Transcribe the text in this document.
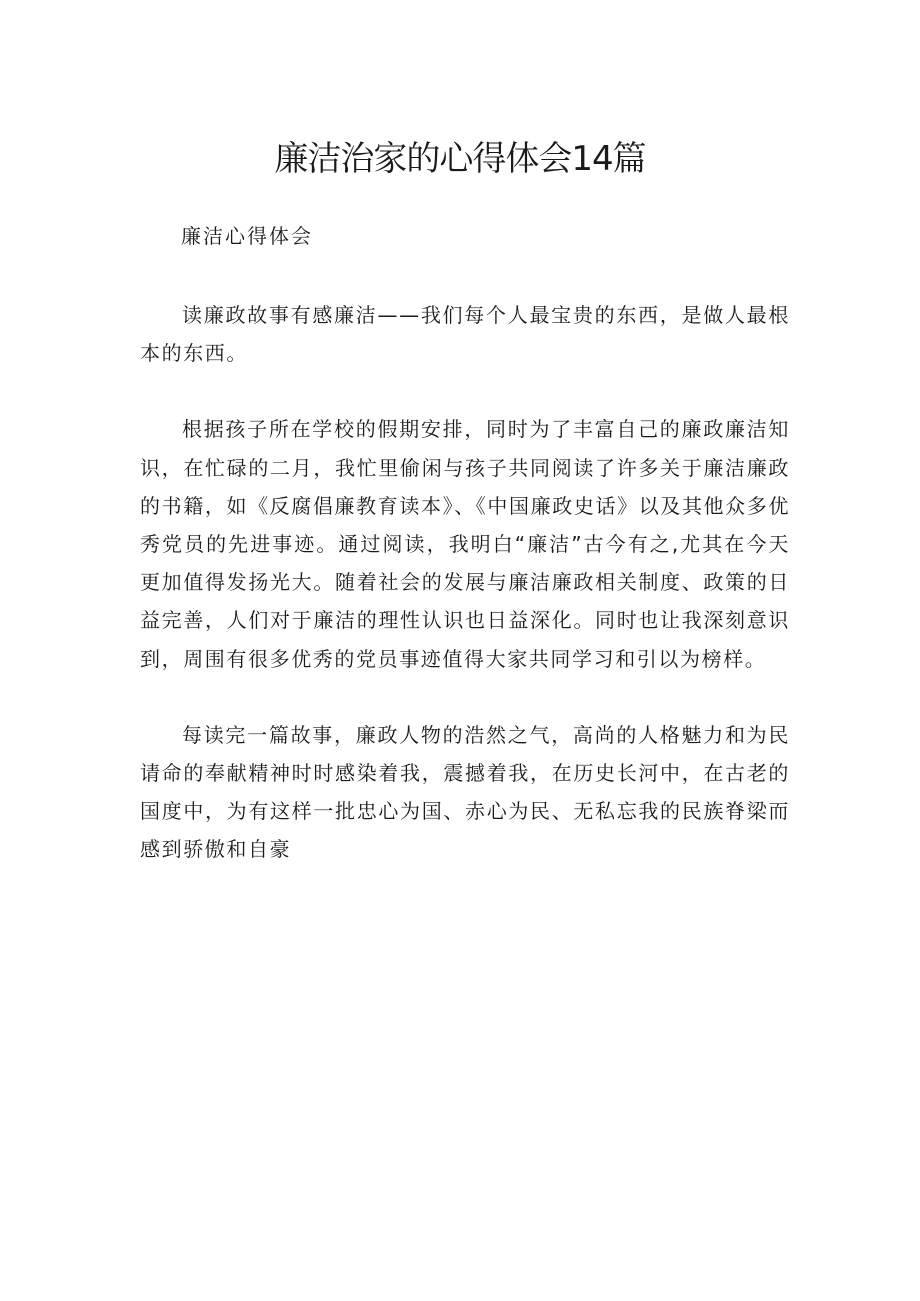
廉洁治家的心得体会14篇

廉洁心得体会

读廉政故事有感廉洁——我们每个人最宝贵的东西，是做人最根本的东西。

根据孩子所在学校的假期安排，同时为了丰富自己的廉政廉洁知识，在忙碌的二月，我忙里偷闲与孩子共同阅读了许多关于廉洁廉政的书籍，如《反腐倡廉教育读本》、《中国廉政史话》以及其他众多优秀党员的先进事迹。通过阅读，我明白“廉洁”古今有之,尤其在今天更加值得发扬光大。随着社会的发展与廉洁廉政相关制度、政策的日益完善，人们对于廉洁的理性认识也日益深化。同时也让我深刻意识到，周围有很多优秀的党员事迹值得大家共同学习和引以为榜样。

每读完一篇故事，廉政人物的浩然之气，高尚的人格魅力和为民请命的奉献精神时时感染着我，震撼着我，在历史长河中，在古老的国度中，为有这样一批忠心为国、赤心为民、无私忘我的民族脊梁而感到骄傲和自豪
